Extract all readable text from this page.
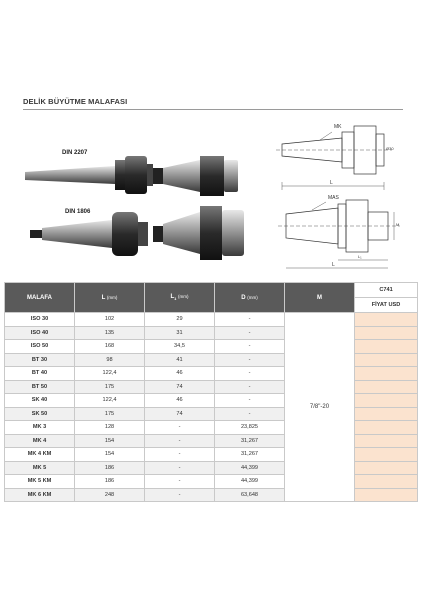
DELİK BÜYÜTME MALAFASI
DIN 2207
DIN 1806
MK
Ø30
L
MAS
M
L₁
L
MALAFA	L (mm)	$L_1$ (mm)	D (mm)	M	C741
					FİYAT USD
ISO 30	102	29	-	7/8"-20	
ISO 40	135	31	-		
ISO 50	168	34,5	-		
BT 30	98	41	-		
BT 40	122,4	46	-		
BT 50	175	74	-		
SK 40	122,4	46	-		
SK 50	175	74	-		
MK 3	128	-	23,825		
MK 4	154	-	31,267		
MK 4 KM	154	-	31,267		
MK 5	186	-	44,399		
MK 5 KM	186	-	44,399		
MK 6 KM	248	-	63,648		
